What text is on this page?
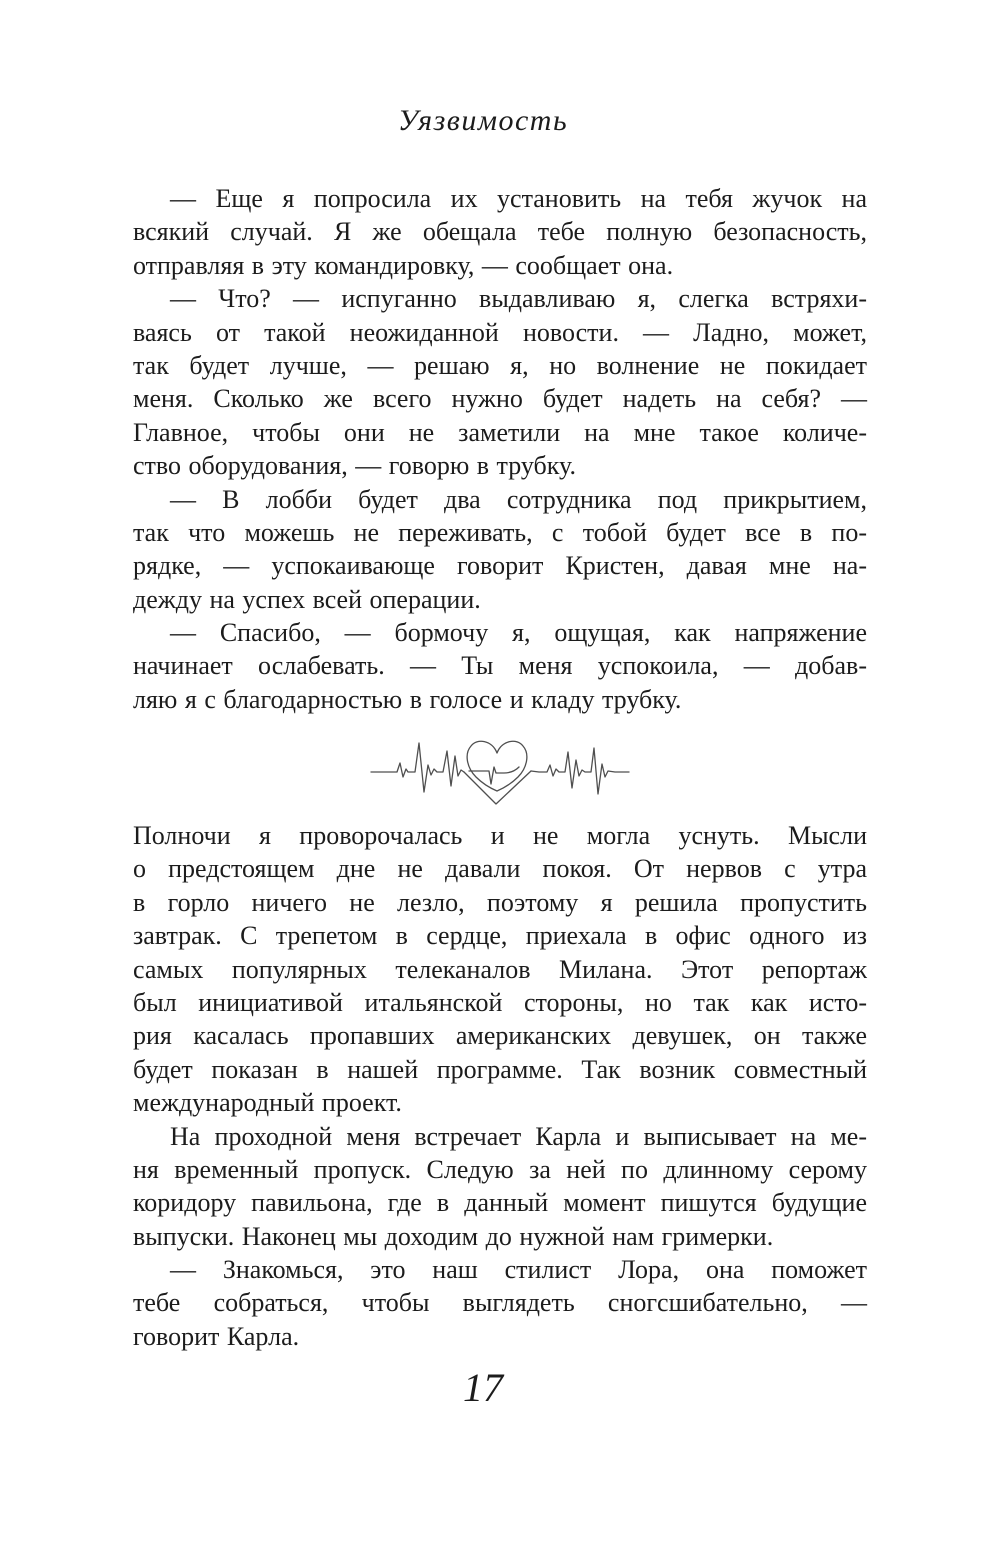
Уязвимость
— Еще я попросила их установить на тебя жучок на
всякий случай. Я же обещала тебе полную безопасность,
отправляя в эту командировку, — сообщает она.
— Что? — испуганно выдавливаю я, слегка встряхи-
ваясь от такой неожиданной новости. — Ладно, может,
так будет лучше, — решаю я, но волнение не покидает
меня. Сколько же всего нужно будет надеть на себя? —
Главное, чтобы они не заметили на мне такое количе-
ство оборудования, — говорю в трубку.
— В лобби будет два сотрудника под прикрытием,
так что можешь не переживать, с тобой будет все в по-
рядке, — успокаивающе говорит Кристен, давая мне на-
дежду на успех всей операции.
— Спасибо, — бормочу я, ощущая, как напряжение
начинает ослабевать. — Ты меня успокоила, — добав-
ляю я с благодарностью в голосе и кладу трубку.
Полночи я проворочалась и не могла уснуть. Мысли
о предстоящем дне не давали покоя. От нервов с утра
в горло ничего не лезло, поэтому я решила пропустить
завтрак. С трепетом в сердце, приехала в офис одного из
самых популярных телеканалов Милана. Этот репортаж
был инициативой итальянской стороны, но так как исто-
рия касалась пропавших американских девушек, он также
будет показан в нашей программе. Так возник совместный
международный проект.
На проходной меня встречает Карла и выписывает на ме-
ня временный пропуск. Следую за ней по длинному серому
коридору павильона, где в данный момент пишутся будущие
выпуски. Наконец мы доходим до нужной нам гримерки.
— Знакомься, это наш стилист Лора, она поможет
тебе собраться, чтобы выглядеть сногсшибательно, —
говорит Карла.
17
